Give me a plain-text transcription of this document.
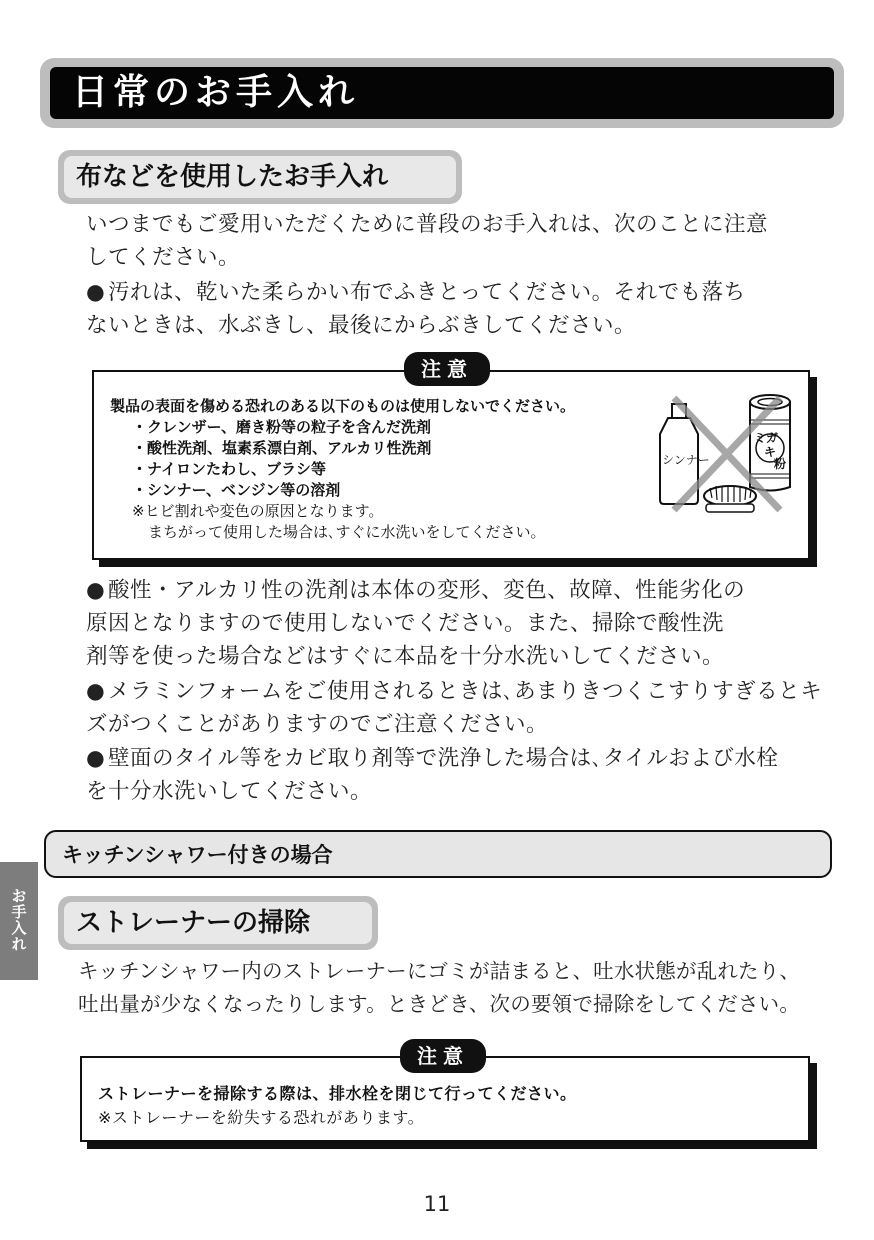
日常のお手入れ
布などを使用したお手入れ
いつまでもご愛用いただくために普段のお手入れは、次のことに注意
してください。
● 汚れは、乾いた柔らかい布でふきとってください。それでも落ち
ないときは、水ぶきし、最後にからぶきしてください。
製品の表面を傷める恐れのある以下のものは使用しないでください。
・クレンザー、磨き粉等の粒子を含んだ洗剤
・酸性洗剤、塩素系漂白剤、アルカリ性洗剤
・ナイロンたわし、ブラシ等
・シンナー、ベンジン等の溶剤
※ヒビ割れや変色の原因となります。
まちがって使用した場合は､すぐに水洗いをしてください。
シンナー
ミガ
キ
粉
注意
● 酸性・アルカリ性の洗剤は本体の変形、変色、故障、性能劣化の
原因となりますので使用しないでください。また、掃除で酸性洗
剤等を使った場合などはすぐに本品を十分水洗いしてください。
● メラミンフォームをご使用されるときは､あまりきつくこすりすぎるとキ
ズがつくことがありますのでご注意ください。
● 壁面のタイル等をカビ取り剤等で洗浄した場合は､タイルおよび水栓
を十分水洗いしてください。
キッチンシャワー付きの場合
お手入れ	ストレーナーの掃除
キッチンシャワー内のストレーナーにゴミが詰まると、吐水状態が乱れたり、
吐出量が少なくなったりします。ときどき、次の要領で掃除をしてください。
ストレーナーを掃除する際は、排水栓を閉じて行ってください。
※ストレーナーを紛失する恐れがあります。
注意
11
